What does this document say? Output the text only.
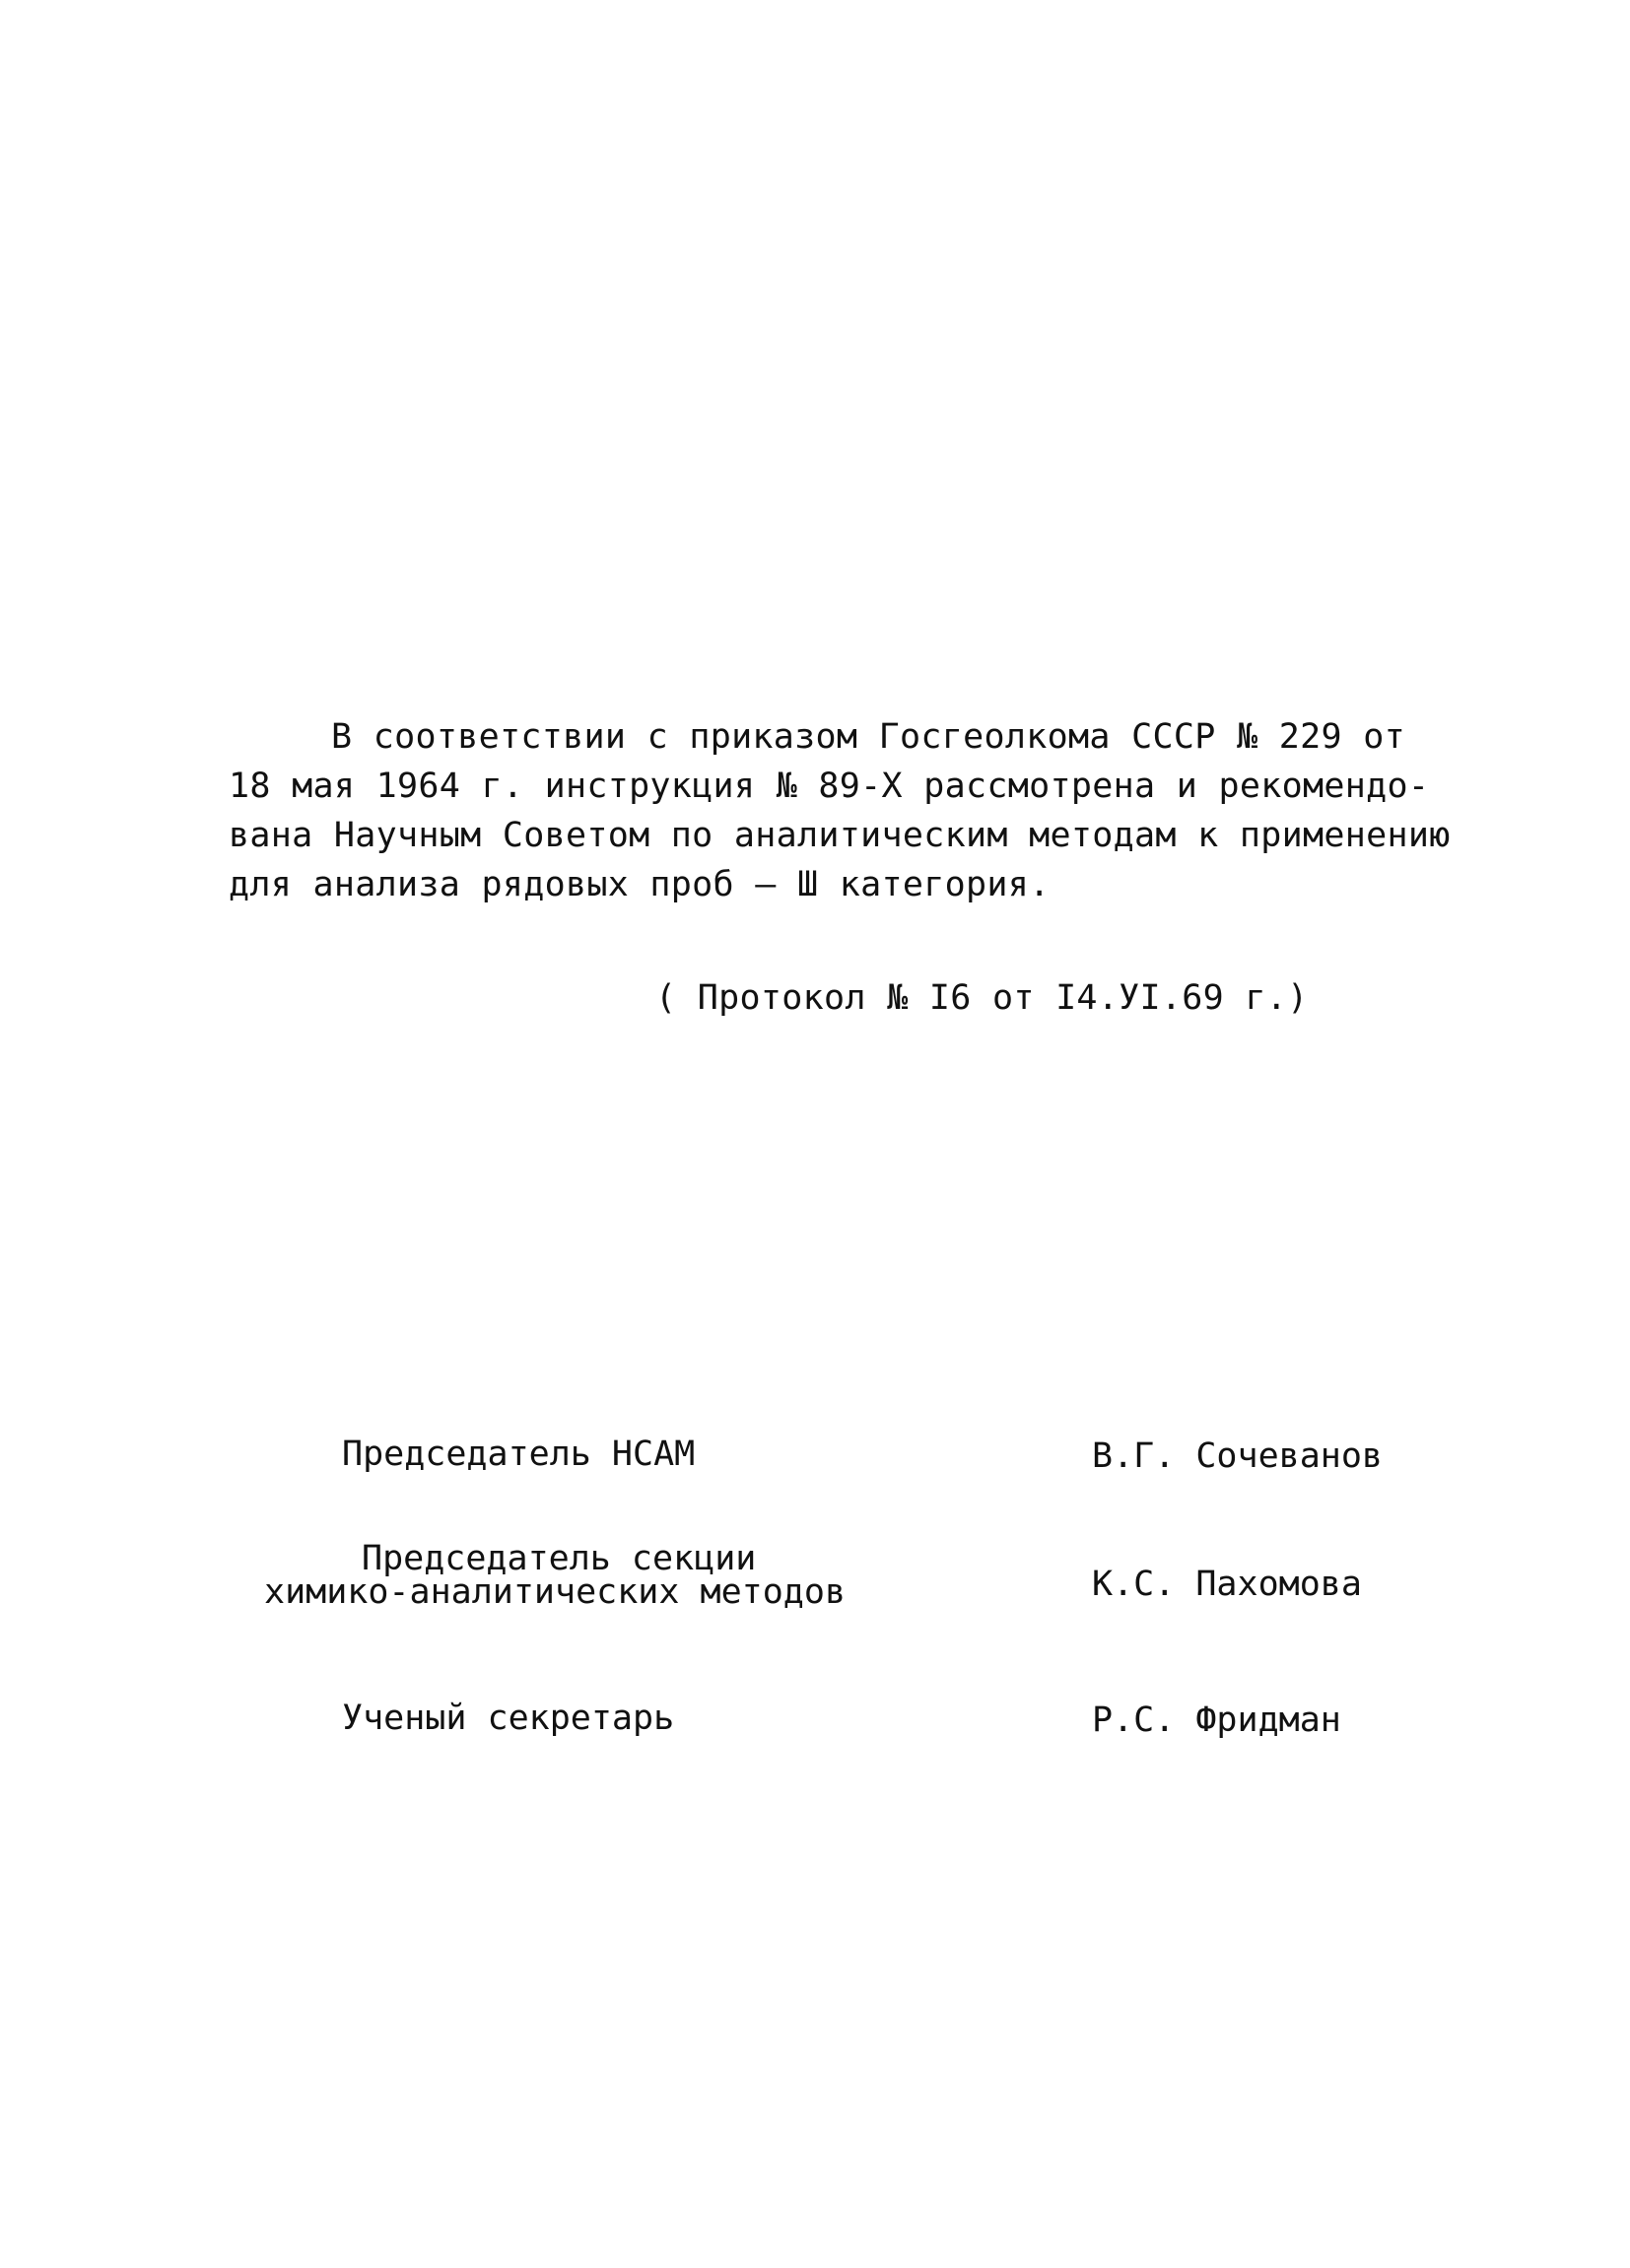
В соответствии с приказом Госгеолкома СССР № 229 от
18 мая 1964 г. инструкция № 89-Х рассмотрена и рекомендо-
вана Научным Советом по аналитическим методам к применению
для анализа рядовых проб – Ш категория.
( Протокол № I6 от I4.УI.69 г.)
Председатель НСАМ	В.Г. Сочеванов
Председатель секции
химико-аналитических методов	К.С. Пахомова
Ученый секретарь	Р.С. Фридман
